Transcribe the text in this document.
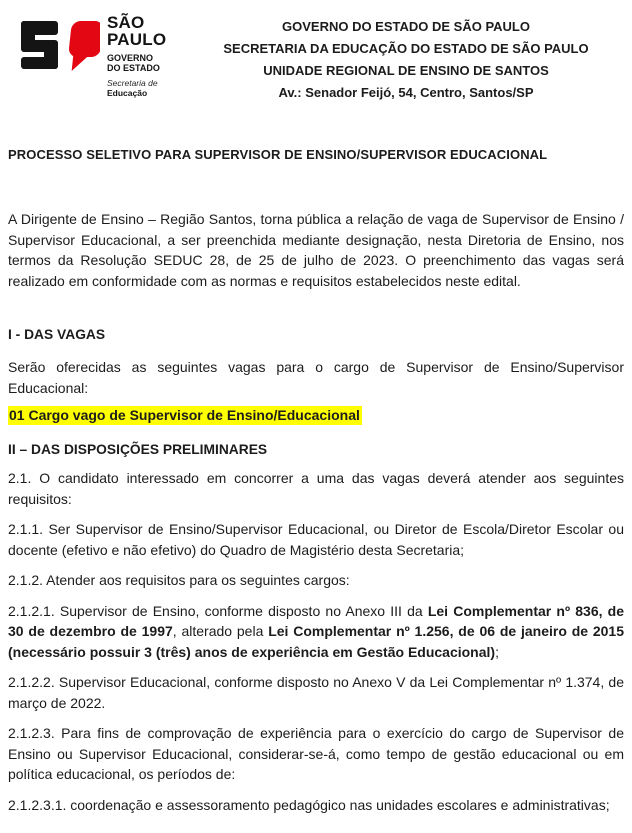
SÃO
PAULO
GOVERNO
DO ESTADO
Secretaria de
Educação
GOVERNO DO ESTADO DE SÃO PAULO
SECRETARIA DA EDUCAÇÃO DO ESTADO DE SÃO PAULO
UNIDADE REGIONAL DE ENSINO DE SANTOS
Av.: Senador Feijó, 54, Centro, Santos/SP
PROCESSO SELETIVO PARA SUPERVISOR DE ENSINO/SUPERVISOR EDUCACIONAL

A Dirigente de Ensino – Região Santos, torna pública a relação de vaga de Supervisor de Ensino / Supervisor Educacional, a ser preenchida mediante designação, nesta Diretoria de Ensino, nos termos da Resolução SEDUC 28, de 25 de julho de 2023. O preenchimento das vagas será realizado em conformidade com as normas e requisitos estabelecidos neste edital.

I - DAS VAGAS

Serão oferecidas as seguintes vagas para o cargo de Supervisor de Ensino/Supervisor Educacional:

01 Cargo vago de Supervisor de Ensino/Educacional

II – DAS DISPOSIÇÕES PRELIMINARES

2.1. O candidato interessado em concorrer a uma das vagas deverá atender aos seguintes requisitos:

2.1.1. Ser Supervisor de Ensino/Supervisor Educacional, ou Diretor de Escola/Diretor Escolar ou docente (efetivo e não efetivo) do Quadro de Magistério desta Secretaria;

2.1.2. Atender aos requisitos para os seguintes cargos:

2.1.2.1. Supervisor de Ensino, conforme disposto no Anexo III da Lei Complementar nº 836, de 30 de dezembro de 1997, alterado pela Lei Complementar nº 1.256, de 06 de janeiro de 2015 (necessário possuir 3 (três) anos de experiência em Gestão Educacional);

2.1.2.2. Supervisor Educacional, conforme disposto no Anexo V da Lei Complementar nº 1.374, de março de 2022.

2.1.2.3. Para fins de comprovação de experiência para o exercício do cargo de Supervisor de Ensino ou Supervisor Educacional, considerar-se-á, como tempo de gestão educacional ou em política educacional, os períodos de:

2.1.2.3.1. coordenação e assessoramento pedagógico nas unidades escolares e administrativas;
